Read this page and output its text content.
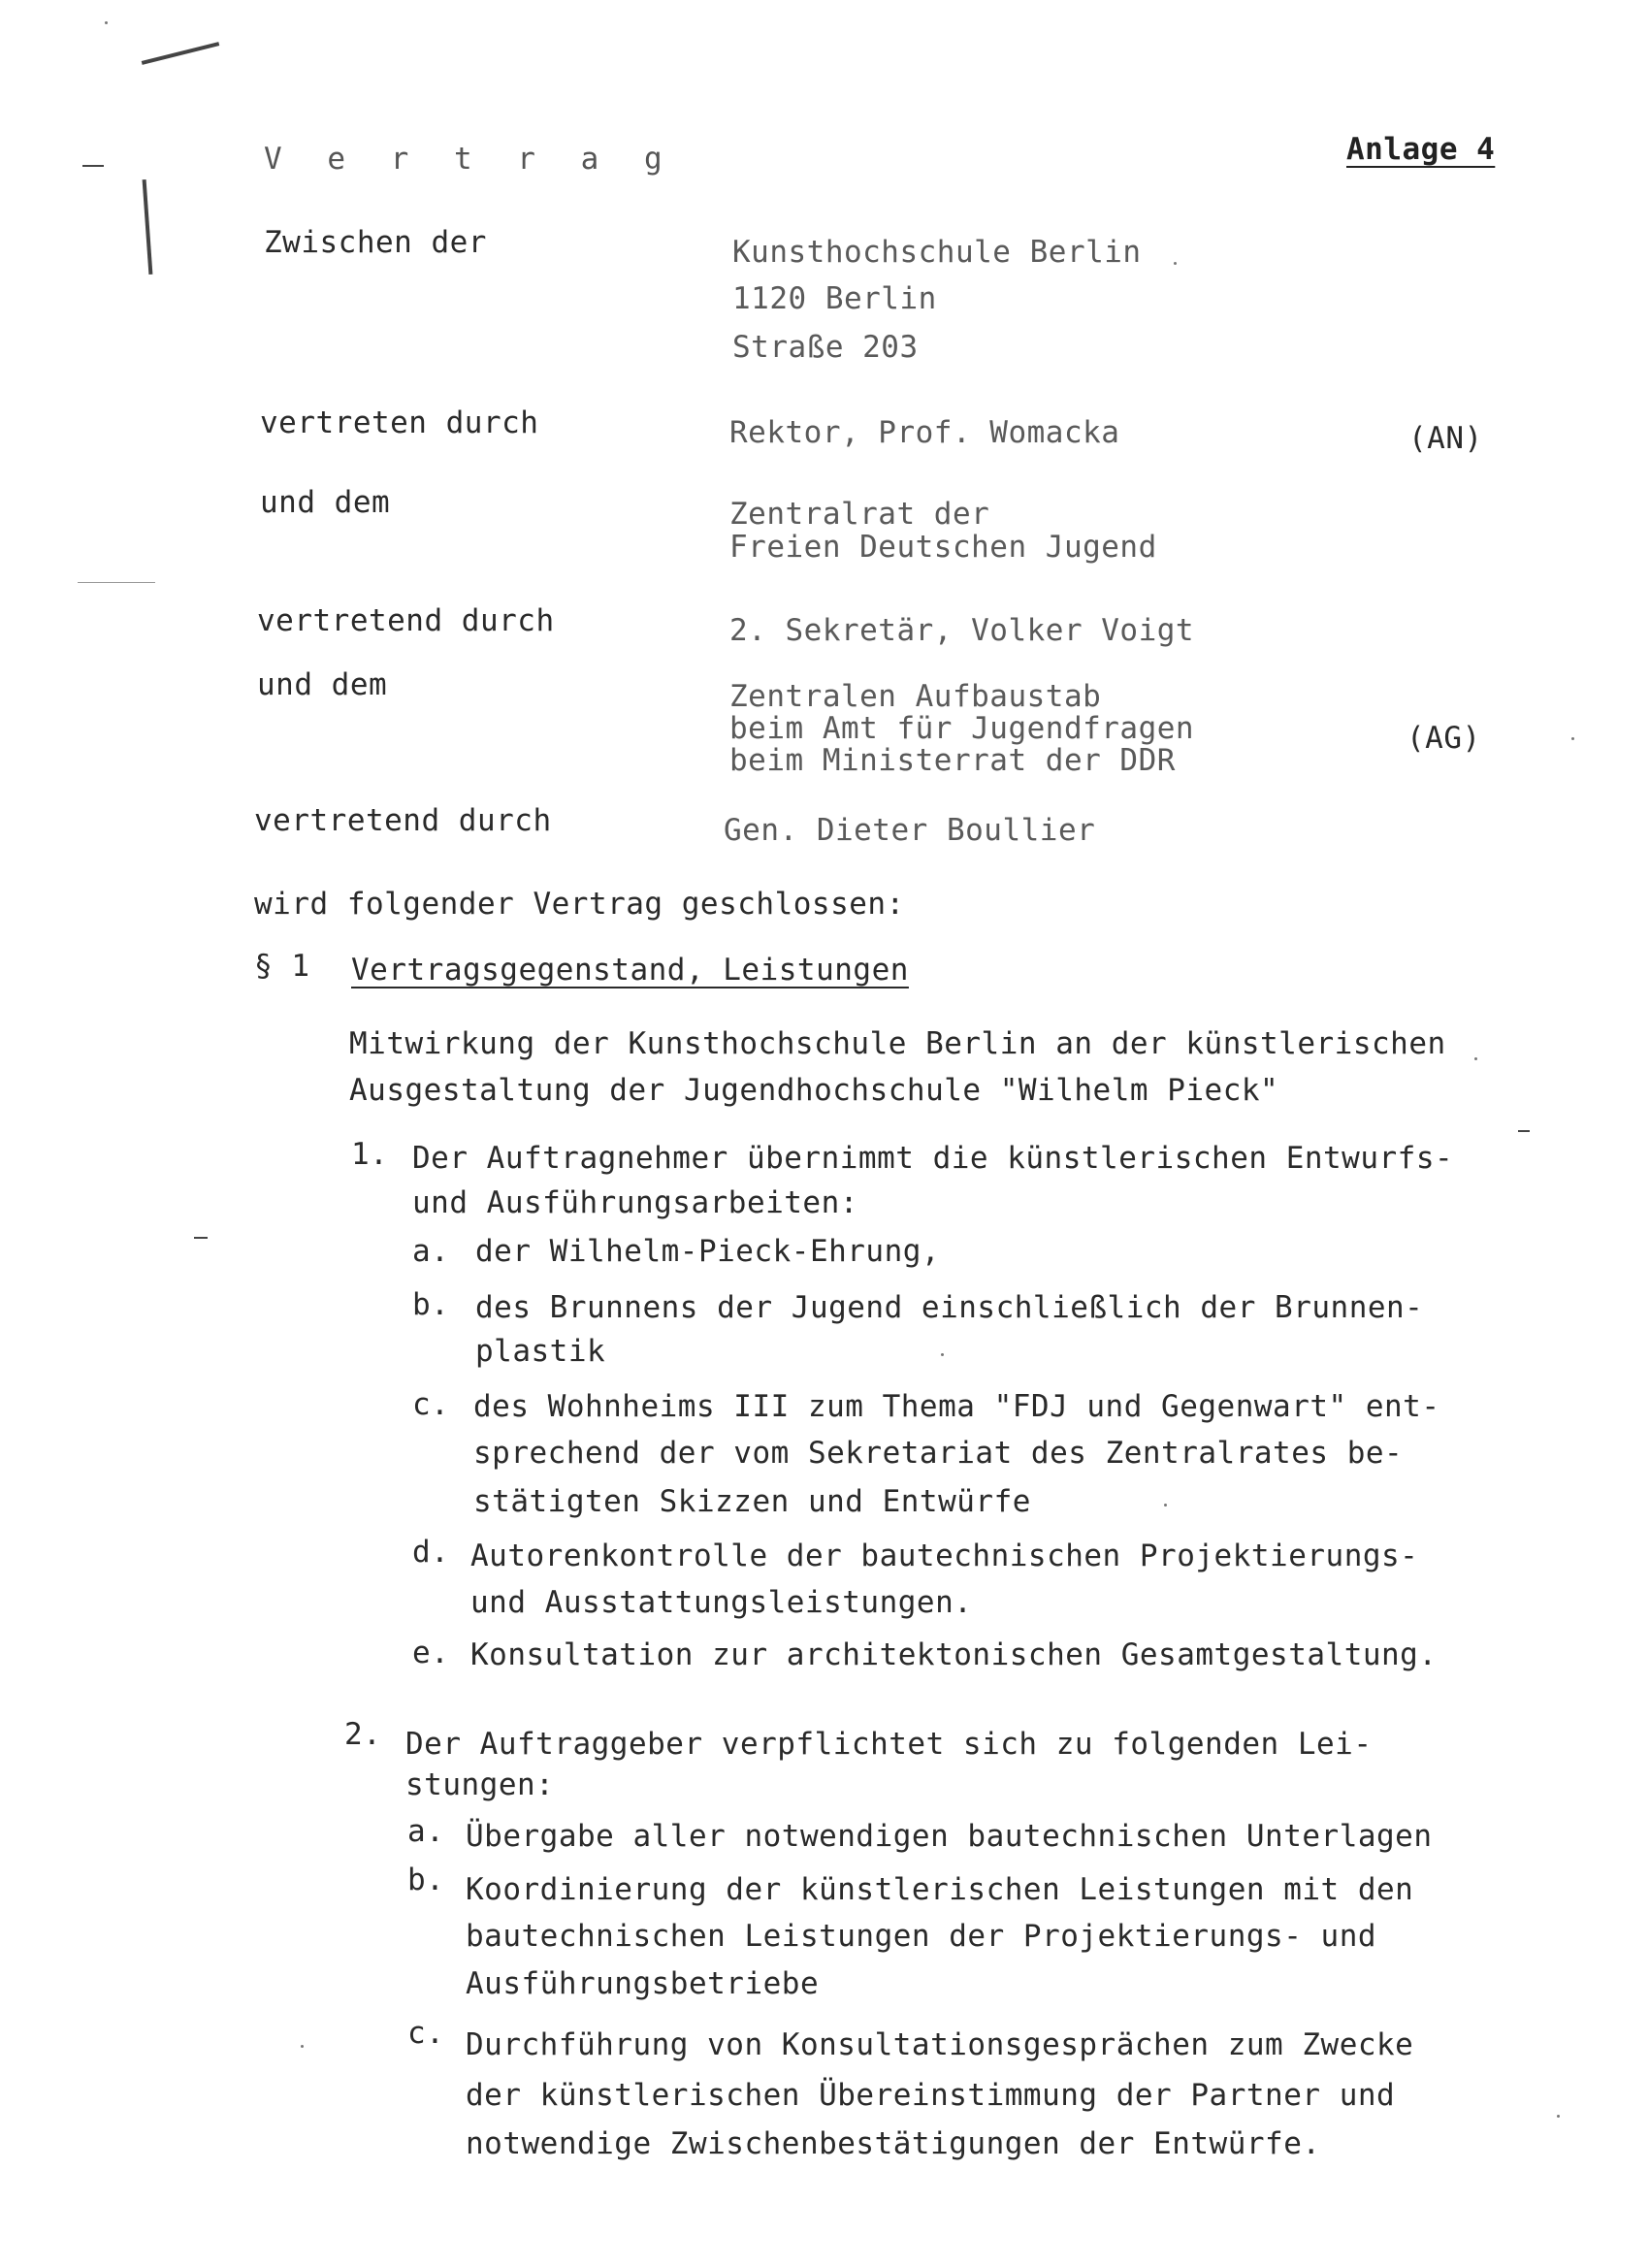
V e r t r a g	Anlage 4
Zwischen der	Kunsthochschule Berlin
1120 Berlin
Straße 203
vertreten durch	Rektor, Prof. Womacka	(AN)
und dem	Zentralrat der
Freien Deutschen Jugend
vertretend durch	2. Sekretär, Volker Voigt
und dem	Zentralen Aufbaustab
beim Amt für Jugendfragen
beim Ministerrat der DDR
(AG)
vertretend durch	Gen. Dieter Boullier
wird folgender Vertrag geschlossen:
§ 1 Vertragsgegenstand, Leistungen
Mitwirkung der Kunsthochschule Berlin an der künstlerischen
Ausgestaltung der Jugendhochschule "Wilhelm Pieck"
1. Der Auftragnehmer übernimmt die künstlerischen Entwurfs-
und Ausführungsarbeiten:
a. der Wilhelm-Pieck-Ehrung,
b. des Brunnens der Jugend einschließlich der Brunnen-
plastik
c. des Wohnheims III zum Thema "FDJ und Gegenwart" ent-
sprechend der vom Sekretariat des Zentralrates be-
stätigten Skizzen und Entwürfe
d. Autorenkontrolle der bautechnischen Projektierungs-
und Ausstattungsleistungen.
e. Konsultation zur architektonischen Gesamtgestaltung.
2. Der Auftraggeber verpflichtet sich zu folgenden Lei-
stungen:
a. Übergabe aller notwendigen bautechnischen Unterlagen
b. Koordinierung der künstlerischen Leistungen mit den
bautechnischen Leistungen der Projektierungs- und
Ausführungsbetriebe
c. Durchführung von Konsultationsgesprächen zum Zwecke
der künstlerischen Übereinstimmung der Partner und
notwendige Zwischenbestätigungen der Entwürfe.
